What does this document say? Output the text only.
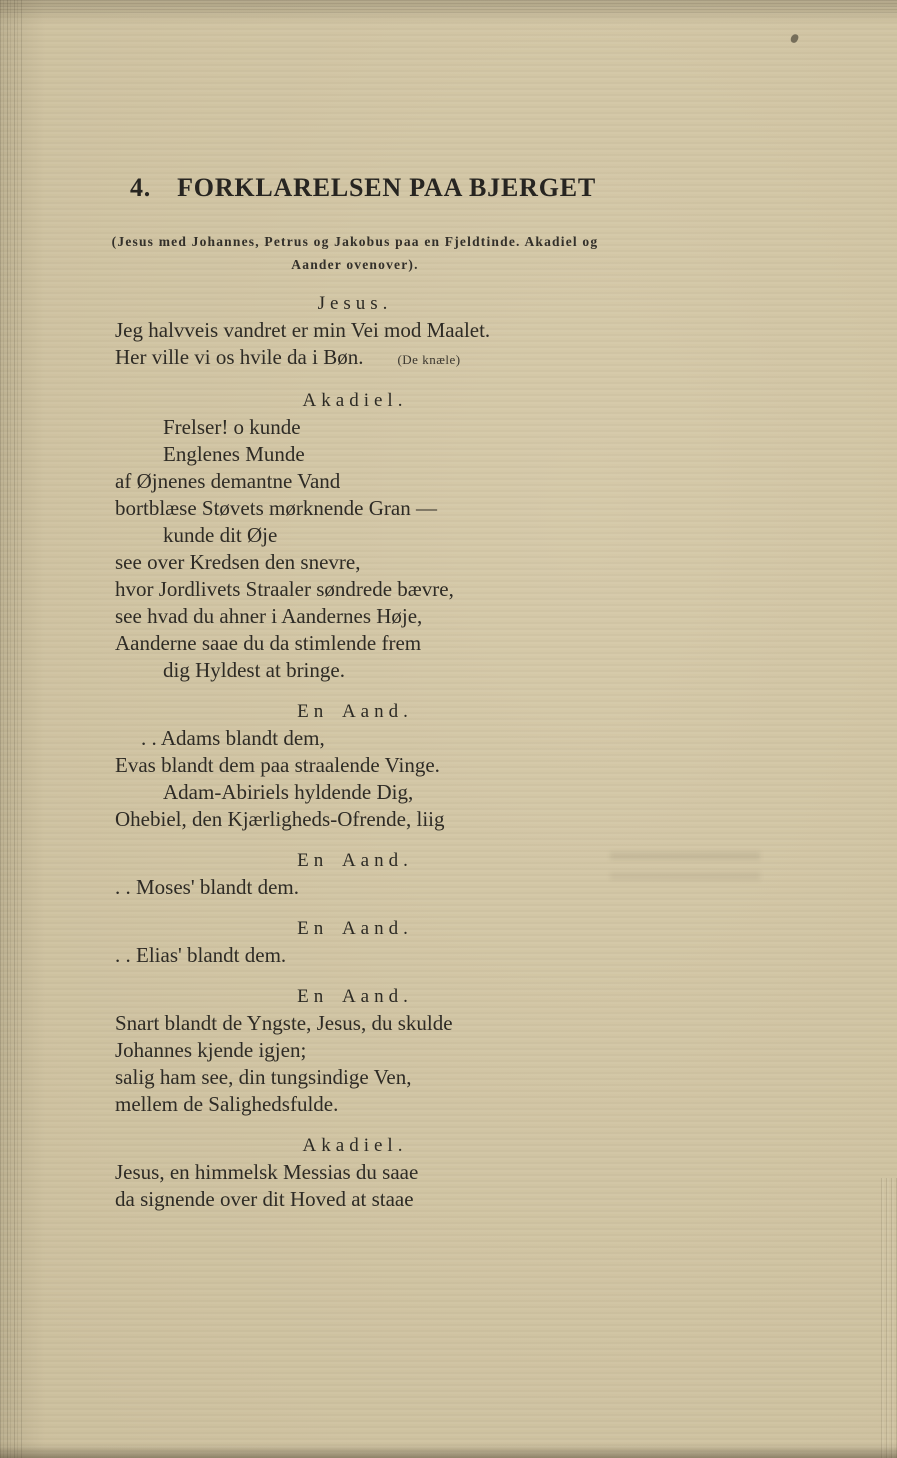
4. FORKLARELSEN PAA BJERGET
(Jesus med Johannes, Petrus og Jakobus paa en Fjeldtinde. Akadiel og
Aander ovenover).
Jesus.
Jeg halvveis vandret er min Vei mod Maalet.
Her ville vi os hvile da i Bøn.	(De knæle)
Akadiel.
Frelser! o kunde
Englenes Munde
af Øjnenes demantne Vand
bortblæse Støvets mørknende Gran —
kunde dit Øje
see over Kredsen den snevre,
hvor Jordlivets Straaler søndrede bævre,
see hvad du ahner i Aandernes Høje,
Aanderne saae du da stimlende frem
dig Hyldest at bringe.
En Aand.
. . Adams blandt dem,
Evas blandt dem paa straalende Vinge.
Adam-Abiriels hyldende Dig,
Ohebiel, den Kjærligheds-Ofrende, liig
En Aand.
. . Moses' blandt dem.
En Aand.
. . Elias' blandt dem.
En Aand.
Snart blandt de Yngste, Jesus, du skulde
Johannes kjende igjen;
salig ham see, din tungsindige Ven,
mellem de Salighedsfulde.
Akadiel.
Jesus, en himmelsk Messias du saae
da signende over dit Hoved at staae
